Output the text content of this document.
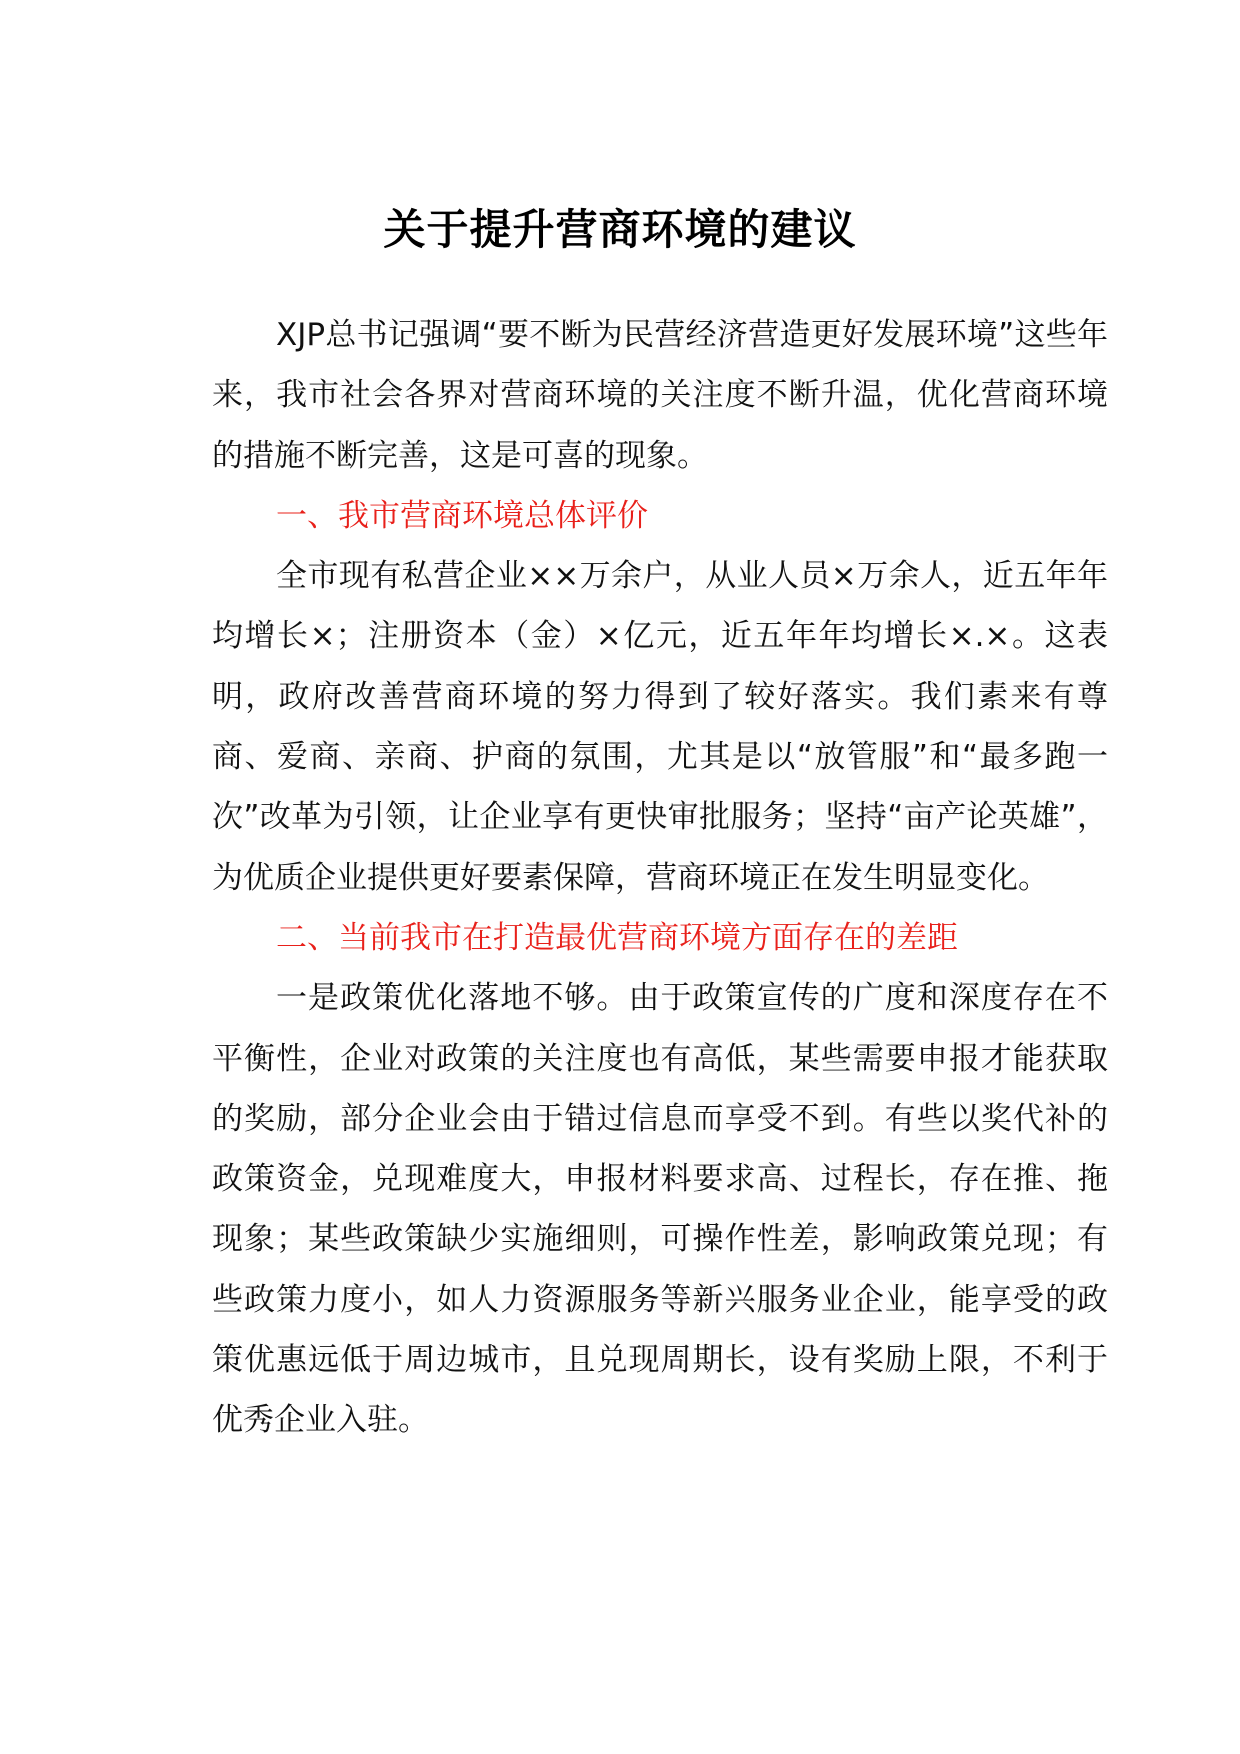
关于提升营商环境的建议

XJP总书记强调“要不断为民营经济营造更好发展环境”这些年来，我市社会各界对营商环境的关注度不断升温，优化营商环境的措施不断完善，这是可喜的现象。

一、我市营商环境总体评价

全市现有私营企业××万余户，从业人员×万余人，近五年年均增长×；注册资本（金）×亿元，近五年年均增长×.×。这表明，政府改善营商环境的努力得到了较好落实。我们素来有尊商、爱商、亲商、护商的氛围，尤其是以“放管服”和“最多跑一次”改革为引领，让企业享有更快审批服务；坚持“亩产论英雄”，为优质企业提供更好要素保障，营商环境正在发生明显变化。

二、当前我市在打造最优营商环境方面存在的差距

一是政策优化落地不够。由于政策宣传的广度和深度存在不平衡性，企业对政策的关注度也有高低，某些需要申报才能获取的奖励，部分企业会由于错过信息而享受不到。有些以奖代补的政策资金，兑现难度大，申报材料要求高、过程长，存在推、拖现象；某些政策缺少实施细则，可操作性差，影响政策兑现；有些政策力度小，如人力资源服务等新兴服务业企业，能享受的政策优惠远低于周边城市，且兑现周期长，设有奖励上限，不利于优秀企业入驻。
